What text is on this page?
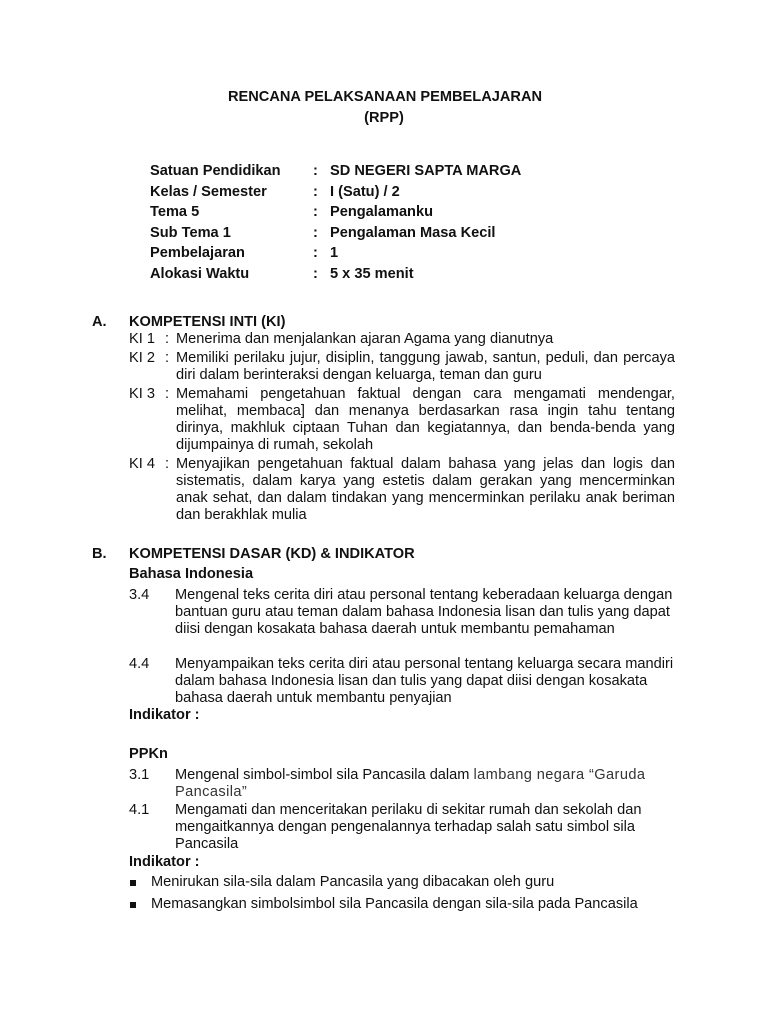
RENCANA PELAKSANAAN PEMBELAJARAN
(RPP)
Satuan Pendidikan : SD NEGERI SAPTA MARGA
Kelas / Semester	: I (Satu) / 2
Tema 5	: Pengalamanku
Sub Tema 1	: Pengalaman Masa Kecil
Pembelajaran	: 1
Alokasi Waktu	: 5 x 35 menit
A. KOMPETENSI INTI (KI)
KI 1 : Menerima dan menjalankan ajaran Agama yang dianutnya
KI 2 : Memiliki perilaku jujur, disiplin, tanggung jawab, santun, peduli, dan percaya diri dalam berinteraksi dengan keluarga, teman dan guru
KI 3 : Memahami pengetahuan faktual dengan cara mengamati mendengar, melihat, membaca] dan menanya berdasarkan rasa ingin tahu tentang dirinya, makhluk ciptaan Tuhan dan kegiatannya, dan benda-benda yang dijumpainya di rumah, sekolah
KI 4 : Menyajikan pengetahuan faktual dalam bahasa yang jelas dan logis dan sistematis, dalam karya yang estetis dalam gerakan yang mencerminkan anak sehat, dan dalam tindakan yang mencerminkan perilaku anak beriman dan berakhlak mulia
B. KOMPETENSI DASAR (KD) & INDIKATOR
Bahasa Indonesia
3.4	Mengenal teks cerita diri atau personal tentang keberadaan keluarga dengan bantuan guru atau teman dalam bahasa Indonesia lisan dan tulis yang dapat diisi dengan kosakata bahasa daerah untuk membantu pemahaman
4.4	Menyampaikan teks cerita diri atau personal tentang keluarga secara mandiri dalam bahasa Indonesia lisan dan tulis yang dapat diisi dengan kosakata bahasa daerah untuk membantu penyajian
Indikator :
PPKn
3.1	Mengenal simbol-simbol sila Pancasila dalam lambang negara “Garuda Pancasila”
4.1	Mengamati dan menceritakan perilaku di sekitar rumah dan sekolah dan mengaitkannya dengan pengenalannya terhadap salah satu simbol sila Pancasila
Indikator :
Menirukan sila-sila dalam Pancasila yang dibacakan oleh guru
Memasangkan simbolsimbol sila Pancasila dengan sila-sila pada Pancasila
